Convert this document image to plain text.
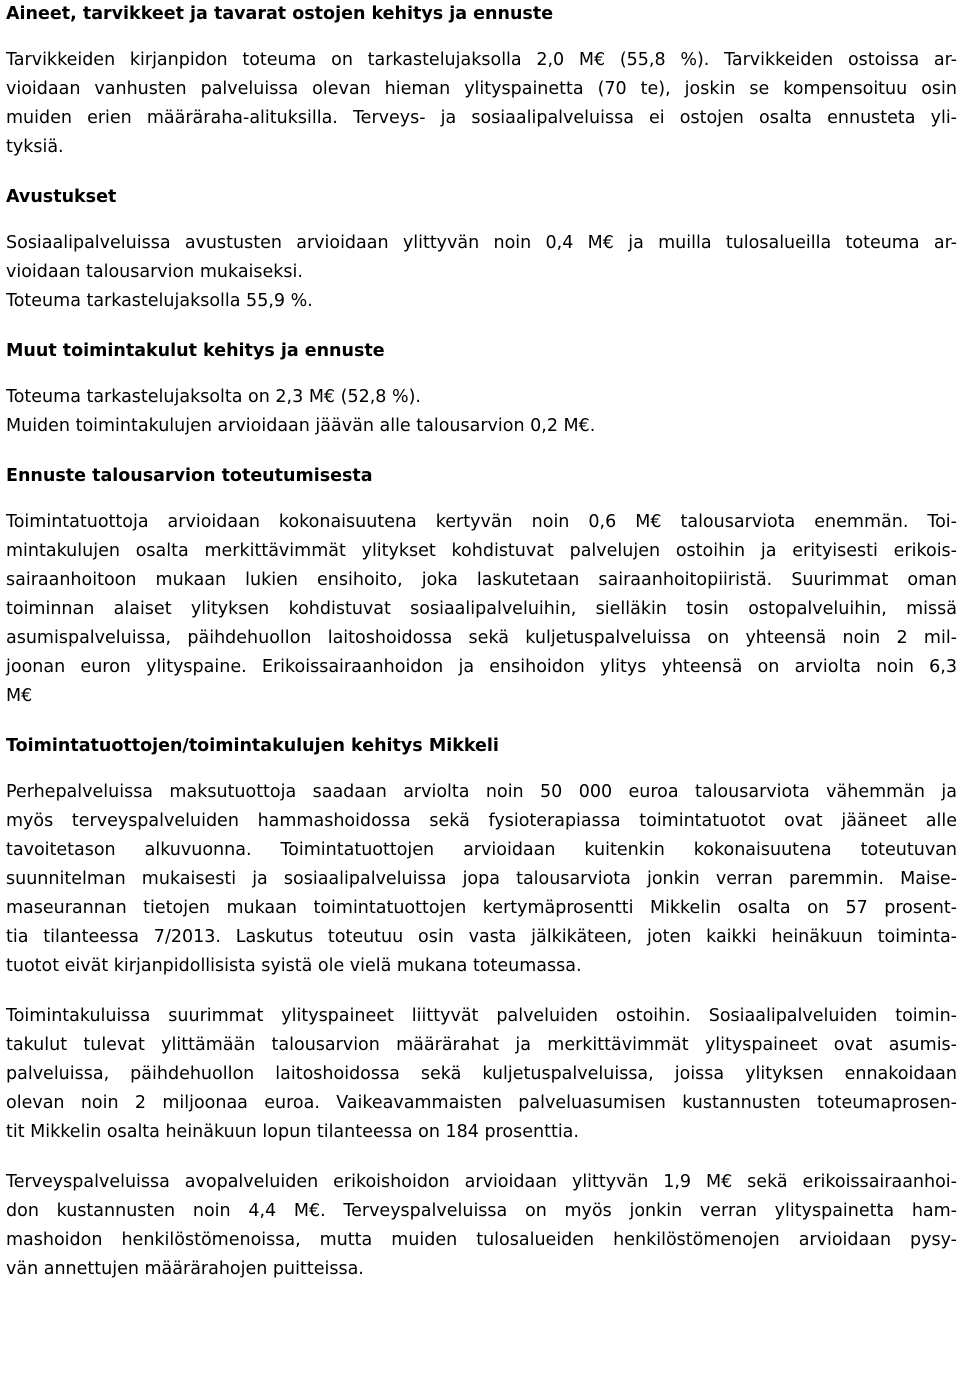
Aineet, tarvikkeet ja tavarat ostojen kehitys ja ennuste
Tarvikkeiden kirjanpidon toteuma on tarkastelujaksolla 2,0 M€ (55,8 %). Tarvikkeiden ostoissa ar-
vioidaan vanhusten palveluissa olevan hieman ylityspainetta (70 te), joskin se kompensoituu osin
muiden erien määräraha-alituksilla. Terveys- ja sosiaalipalveluissa ei ostojen osalta ennusteta yli-
tyksiä.
Avustukset
Sosiaalipalveluissa avustusten arvioidaan ylittyvän noin 0,4 M€ ja muilla tulosalueilla toteuma ar-
vioidaan talousarvion mukaiseksi.
Toteuma tarkastelujaksolla 55,9 %.
Muut toimintakulut kehitys ja ennuste
Toteuma tarkastelujaksolta on 2,3 M€ (52,8 %).
Muiden toimintakulujen arvioidaan jäävän alle talousarvion 0,2 M€.
Ennuste talousarvion toteutumisesta
Toimintatuottoja arvioidaan kokonaisuutena kertyvän noin 0,6 M€ talousarviota enemmän. Toi-
mintakulujen osalta merkittävimmät ylitykset kohdistuvat palvelujen ostoihin ja erityisesti erikois-
sairaanhoitoon mukaan lukien ensihoito, joka laskutetaan sairaanhoitopiiristä. Suurimmat oman
toiminnan alaiset ylityksen kohdistuvat sosiaalipalveluihin, sielläkin tosin ostopalveluihin, missä
asumispalveluissa, päihdehuollon laitoshoidossa sekä kuljetuspalveluissa on yhteensä noin 2 mil-
joonan euron ylityspaine. Erikoissairaanhoidon ja ensihoidon ylitys yhteensä on arviolta noin 6,3
M€
Toimintatuottojen/toimintakulujen kehitys Mikkeli
Perhepalveluissa maksutuottoja saadaan arviolta noin 50 000 euroa talousarviota vähemmän ja
myös terveyspalveluiden hammashoidossa sekä fysioterapiassa toimintatuotot ovat jääneet alle
tavoitetason alkuvuonna. Toimintatuottojen arvioidaan kuitenkin kokonaisuutena toteutuvan
suunnitelman mukaisesti ja sosiaalipalveluissa jopa talousarviota jonkin verran paremmin. Maise-
maseurannan tietojen mukaan toimintatuottojen kertymäprosentti Mikkelin osalta on 57 prosent-
tia tilanteessa 7/2013. Laskutus toteutuu osin vasta jälkikäteen, joten kaikki heinäkuun toiminta-
tuotot eivät kirjanpidollisista syistä ole vielä mukana toteumassa.
Toimintakuluissa suurimmat ylityspaineet liittyvät palveluiden ostoihin. Sosiaalipalveluiden toimin-
takulut tulevat ylittämään talousarvion määrärahat ja merkittävimmät ylityspaineet ovat asumis-
palveluissa, päihdehuollon laitoshoidossa sekä kuljetuspalveluissa, joissa ylityksen ennakoidaan
olevan noin 2 miljoonaa euroa. Vaikeavammaisten palveluasumisen kustannusten toteumaprosen-
tit Mikkelin osalta heinäkuun lopun tilanteessa on 184 prosenttia.
Terveyspalveluissa avopalveluiden erikoishoidon arvioidaan ylittyvän 1,9 M€ sekä erikoissairaanhoi-
don kustannusten noin 4,4 M€. Terveyspalveluissa on myös jonkin verran ylityspainetta ham-
mashoidon henkilöstömenoissa, mutta muiden tulosalueiden henkilöstömenojen arvioidaan pysy-
vän annettujen määrärahojen puitteissa.
